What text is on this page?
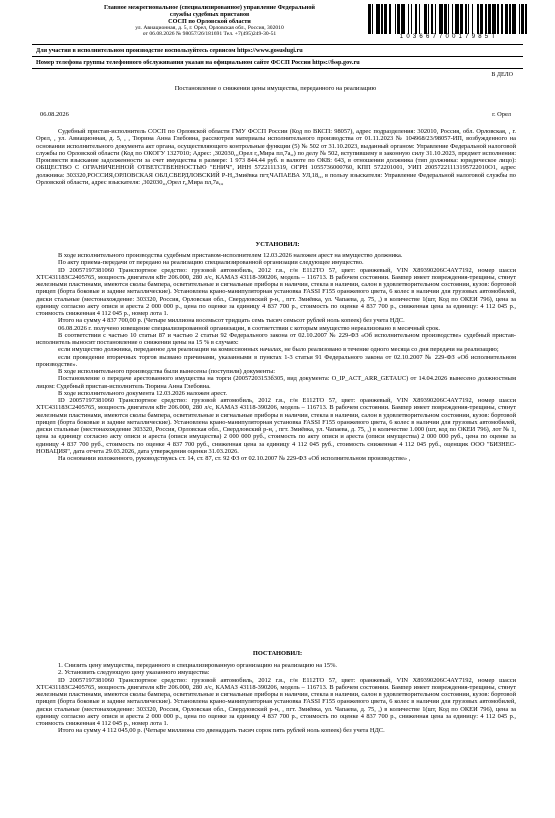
Главное межрегиональное (специализированное) управление Федеральной
службы судебных приставов
СОСП по Орловской области
ул. Авиационная, д. 5, г. Орел, Орловская обл., Россия, 302010
от 06.08.2026 № 98057/26/181691 Тел. +7(495)249-30-51	10366770017985T
Для участия в исполнительном производстве воспользуйтесь сервисом https://www.gosuslugi.ru
Номер телефона группы телефонного обслуживания указан на официальном сайте ФССП России https://fssp.gov.ru
В ДЕЛО
Постановление о снижении цены имущества, переданного на реализацию
06.08.2026	г. Орел

Судебный пристав-исполнитель СОСП по Орловской области ГМУ ФССП России (Код по ВКСП: 98057), адрес подразделения: 302010, Россия, обл. Орловская, , г. Орел, , ул. Авиационная, д. 5, , , Тюрина Анна Глебовна, рассмотрев материалы исполнительного производства от 01.11.2023 № 104968/23/98057-ИП, возбужденного на основании исполнительного документа акт органа, осуществляющего контрольные функции (5) № 502 от 31.10.2023, выданный органом: Управление Федеральной налоговой службы по Орловской области (Код по ОКОГУ 1327010; Адрес: ,302030,,,Орел г,,Мира пл,7а,,) по делу № 502, вступившему в законную силу 31.10.2023, предмет исполнения: Произвести взыскание задолженности за счет имущества в размере: 1 973 844.44 руб. в валюте по ОКВ: 643, в отношении должника (тип должника: юридическое лицо): ОБЩЕСТВО С ОГРАНИЧЕННОЙ ОТВЕТСТВЕННОСТЬЮ "ЕНИЧ", ИНН 5722111319, ОГРН 1055736000760, КПП 572201001, УИП 20057221113195722010О1, адрес должника: 303320,РОССИЯ,ОРЛОВСКАЯ ОБЛ,СВЕРДЛОВСКИЙ Р-Н,,Змиёвка пгт,ЧАПАЕВА УЛ,18,,, в пользу взыскателя: Управление Федеральной налоговой службы по Орловской области, адрес взыскателя: ,302030,,,Орел г,,Мира пл,7а,,,

УСТАНОВИЛ:

В ходе исполнительного производства судебным приставом-исполнителем 12.03.2026 наложен арест на имущество должника.

По акту приема-передачи от передано на реализацию специализированной организации следующее имущество.

ID 20057197381060 Транспортное средство: грузовой автомобиль, 2012 г.в., г/н Е112ТО 57, цвет: оранжевый, VIN X89390206C4AY7192, номер шасси XTC43118ЗС2405765, мощность двигателя кВт 206.000, 280 л/с, КАМАЗ 43118-390206, модель – 116713. В рабочем состоянии. Бампер имеет повреждения-трещины, стянут железными пластинами, имеются сколы бампера, осветительные и сигнальные приборы в наличии, стекла в наличии, салон в удовлетворительном состоянии, кузов: бортовой прицеп (борта боковые и задние металлические). Установлена крано-манипуляторная установка FASSI F155 оранжевого цвета, 6 колес в наличии для грузовых автомобилей, диски стальные (местонахождение: 303320, Россия, Орловская обл., Свердловский р-н, , пгт. Змиёвка, ул. Чапаева, д. 75, ,) в количестве 1(шт, Код по ОКЕИ 796), цена за единицу согласно акту описи и ареста 2 000 000 р., цена по оценке за единицу 4 837 700 р., стоимость по оценке 4 837 700 р., сниженная цена за единицу: 4 112 045 р., стоимость сниженная 4 112 045 р., номер лота 1.

Итого на сумму 4 837 700,00 р. (Четыре миллиона восемьсот тридцать семь тысяч семьсот рублей ноль копеек) без учета НДС.

06.08.2026 г. получено извещение специализированной организации, в соответствии с которым имущество нереализовано в месячный срок.

В соответствии с частью 10 статьи 87 и частью 2 статьи 92 Федерального закона от 02.10.2007 № 229-ФЗ «Об исполнительном производстве» судебный пристав-исполнитель выносит постановление о снижении цены на 15 % в случаях:

если имущество должника, переданное для реализации на комиссионных началах, не было реализовано в течение одного месяца со дня передачи на реализацию;

если проведение вторичных торгов вызвано причинами, указанными в пунктах 1-3 статьи 91 Федерального закона от 02.10.2007 № 229-ФЗ «Об исполнительном производстве».

В ходе исполнительного производства были вынесены (поступили) документы:

Постановление о передаче арестованного имущества на торги (20057203153б305, вид документа: O_IP_ACT_ARR_GETAUC) от 14.04.2026 вынесено должностным лицом: Судебный пристав-исполнитель Тюрина Анна Глебовна.

В ходе исполнительного документа 12.03.2026 наложен арест.

ID 20057197381060 Транспортное средство: грузовой автомобиль, 2012 г.в., г/н Е112ТО 57, цвет: оранжевый, VIN X89390206C4AY7192, номер шасси XTC43118ЗС2405765, мощность двигателя кВт 206.000, 280 л/с, КАМАЗ 43118-390206, модель – 116713. В рабочем состоянии. Бампер имеет повреждения-трещины, стянут железными пластинами, имеются сколы бампера, осветительные и сигнальные приборы в наличии, стекла в наличии, салон в удовлетворительном состоянии, кузов: бортовой прицеп (борта боковые и задние металлические). Установлена крано-манипуляторная установка FASSI F155 оранжевого цвета, 6 колес в наличии для грузовых автомобилей, диски стальные (местонахождение 303320, Россия, Орловская обл., Свердловский р-н, , пгт. Змиёвка, ул. Чапаева, д. 75, ,) в количестве 1.000 (шт, код по ОКЕИ 796), лот № 1, цена за единицу согласно акту описи и ареста (описи имущества) 2 000 000 руб., стоимость по акту описи и ареста (описи имущества) 2 000 000 руб., цена по оценке за единицу 4 837 700 руб., стоимость по оценке 4 837 700 руб., сниженная цена за единицу 4 112 045 руб., стоимость сниженная 4 112 045 руб., оценщик ООО "БИЗНЕС-НОВАЦИЯ", дата отчета 29.03.2026, дата утверждения оценки 31.03.2026.

На основании изложенного, руководствуясь ст. 14, ст. 87, ст. 92 ФЗ от 02.10.2007 № 229-ФЗ «Об исполнительном производстве» ,

ПОСТАНОВИЛ:

1. Снизить цену имущества, переданного в специализированную организацию на реализацию на 15%.

2. Установить следующую цену указанного имущества:

ID 20057197381060 Транспортное средство: грузовой автомобиль, 2012 г.в., г/н Е112ТО 57, цвет: оранжевый, VIN X89390206C4AY7192, номер шасси XTC43118ЗС2405765, мощность двигателя кВт 206.000, 280 л/с, КАМАЗ 43118-390206, модель – 116713. В рабочем состоянии. Бампер имеет повреждения-трещины, стянут железными пластинами, имеются сколы бампера, осветительные и сигнальные приборы в наличии, стекла в наличии, салон в удовлетворительном состоянии, кузов: бортовой прицеп (борта боковые и задние металлические). Установлена крано-манипуляторная установка FASSI F155 оранжевого цвета, 6 колес в наличии для грузовых автомобилей, диски стальные (местонахождение: 303320, Россия, Орловская обл., Свердловский р-н, , пгт. Змиёвка, ул. Чапаева, д. 75, ,) в количестве 1(шт, Код по ОКЕИ 796), цена за единицу согласно акту описи и ареста 2 000 000 р., цена по оценке за единицу 4 837 700 р., стоимость по оценке 4 837 700 р., сниженная цена за единицу: 4 112 045 р., стоимость сниженная 4 112 045 р., номер лота 1.

Итого на сумму 4 112 045,00 р. (Четыре миллиона сто двенадцать тысяч сорок пять рублей ноль копеек) без учета НДС.
